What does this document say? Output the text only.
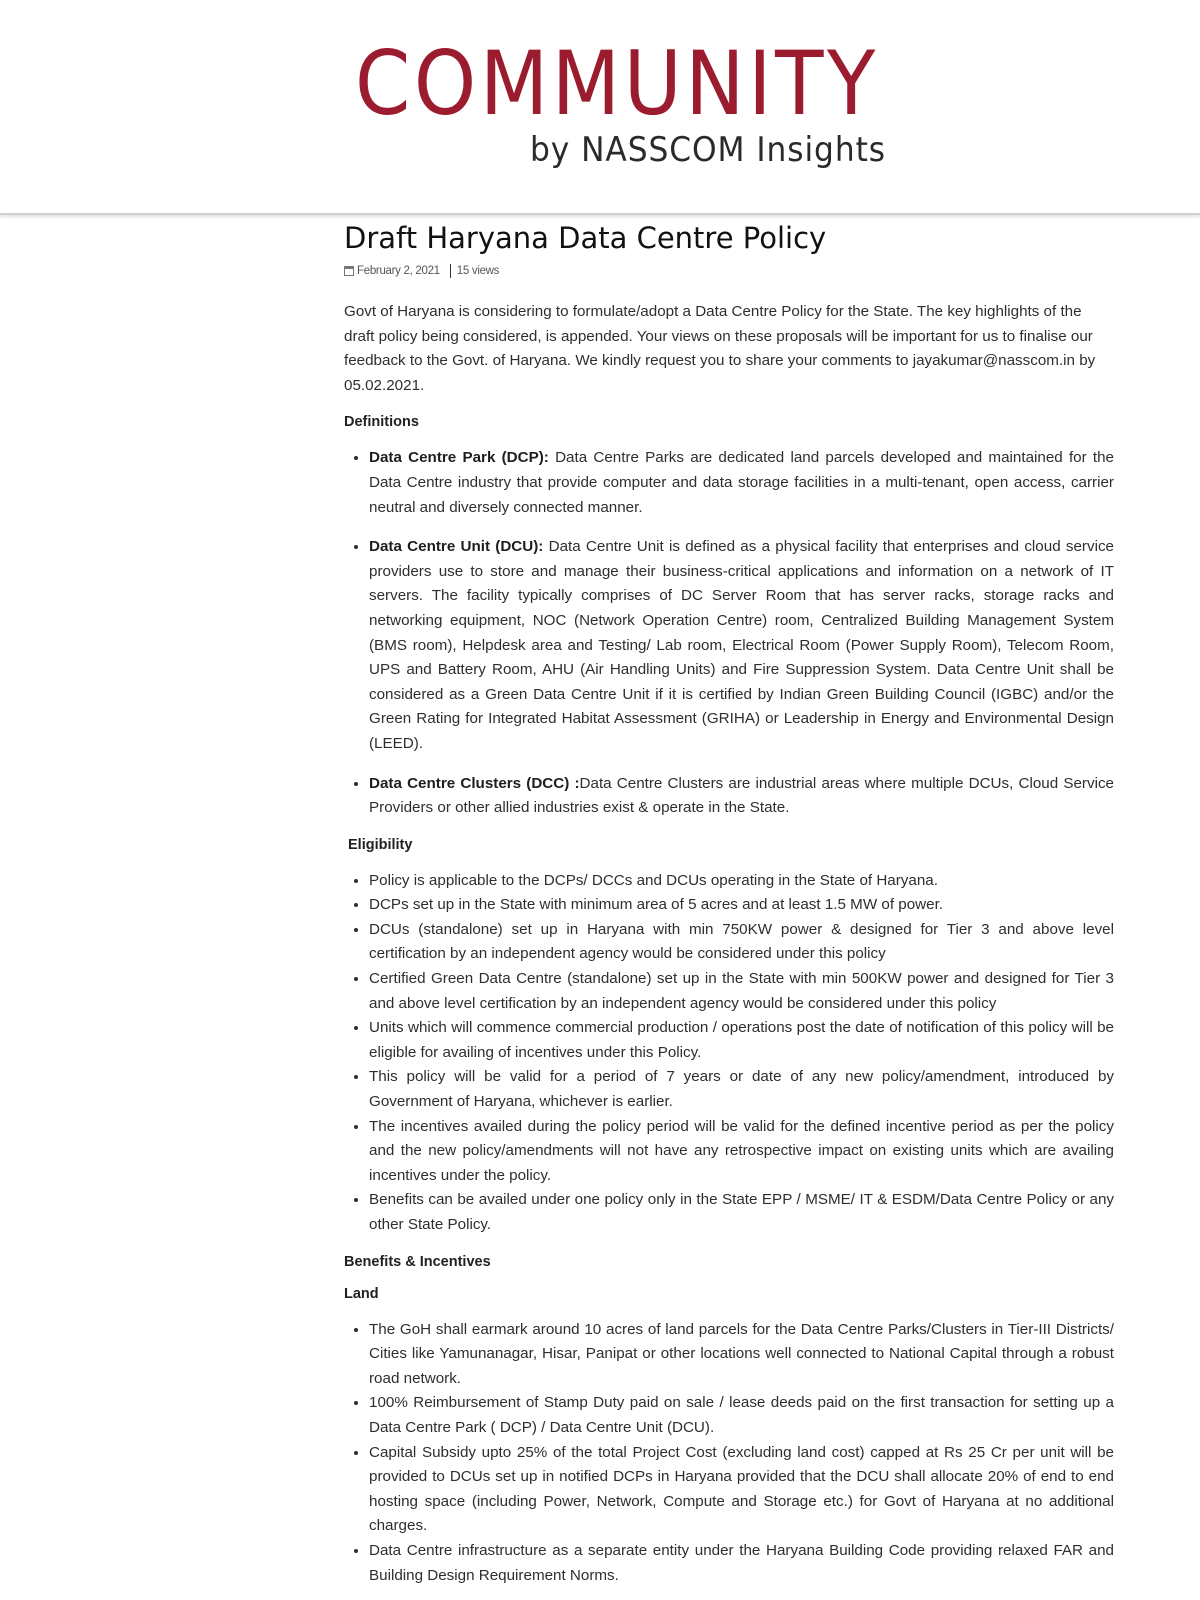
COMMUNITY
by NASSCOM Insights
Draft Haryana Data Centre Policy
February 2, 2021 15 views

Govt of Haryana is considering to formulate/adopt a Data Centre Policy for the State. The key highlights of the draft policy being considered, is appended. Your views on these proposals will be important for us to finalise our feedback to the Govt. of Haryana. We kindly request you to share your comments to jayakumar@nasscom.in by 05.02.2021.

Definitions

• Data Centre Park (DCP): Data Centre Parks are dedicated land parcels developed and maintained for the Data Centre industry that provide computer and data storage facilities in a multi-tenant, open access, carrier neutral and diversely connected manner.
• Data Centre Unit (DCU): Data Centre Unit is defined as a physical facility that enterprises and cloud service providers use to store and manage their business-critical applications and information on a network of IT servers. The facility typically comprises of DC Server Room that has server racks, storage racks and networking equipment, NOC (Network Operation Centre) room, Centralized Building Management System (BMS room), Helpdesk area and Testing/ Lab room, Electrical Room (Power Supply Room), Telecom Room, UPS and Battery Room, AHU (Air Handling Units) and Fire Suppression System. Data Centre Unit shall be considered as a Green Data Centre Unit if it is certified by Indian Green Building Council (IGBC) and/or the Green Rating for Integrated Habitat Assessment (GRIHA) or Leadership in Energy and Environmental Design (LEED).
• Data Centre Clusters (DCC) :Data Centre Clusters are industrial areas where multiple DCUs, Cloud Service Providers or other allied industries exist & operate in the State.

Eligibility

• Policy is applicable to the DCPs/ DCCs and DCUs operating in the State of Haryana.
• DCPs set up in the State with minimum area of 5 acres and at least 1.5 MW of power.
• DCUs (standalone) set up in Haryana with min 750KW power & designed for Tier 3 and above level certification by an independent agency would be considered under this policy
• Certified Green Data Centre (standalone) set up in the State with min 500KW power and designed for Tier 3 and above level certification by an independent agency would be considered under this policy
• Units which will commence commercial production / operations post the date of notification of this policy will be eligible for availing of incentives under this Policy.
• This policy will be valid for a period of 7 years or date of any new policy/amendment, introduced by Government of Haryana, whichever is earlier.
• The incentives availed during the policy period will be valid for the defined incentive period as per the policy and the new policy/amendments will not have any retrospective impact on existing units which are availing incentives under the policy.
• Benefits can be availed under one policy only in the State EPP / MSME/ IT & ESDM/Data Centre Policy or any other State Policy.

Benefits & Incentives

Land

• The GoH shall earmark around 10 acres of land parcels for the Data Centre Parks/Clusters in Tier-III Districts/ Cities like Yamunanagar, Hisar, Panipat or other locations well connected to National Capital through a robust road network.
• 100% Reimbursement of Stamp Duty paid on sale / lease deeds paid on the first transaction for setting up a Data Centre Park ( DCP) / Data Centre Unit (DCU).
• Capital Subsidy upto 25% of the total Project Cost (excluding land cost) capped at Rs 25 Cr per unit will be provided to DCUs set up in notified DCPs in Haryana provided that the DCU shall allocate 20% of end to end hosting space (including Power, Network, Compute and Storage etc.) for Govt of Haryana at no additional charges.
• Data Centre infrastructure as a separate entity under the Haryana Building Code providing relaxed FAR and Building Design Requirement Norms.
